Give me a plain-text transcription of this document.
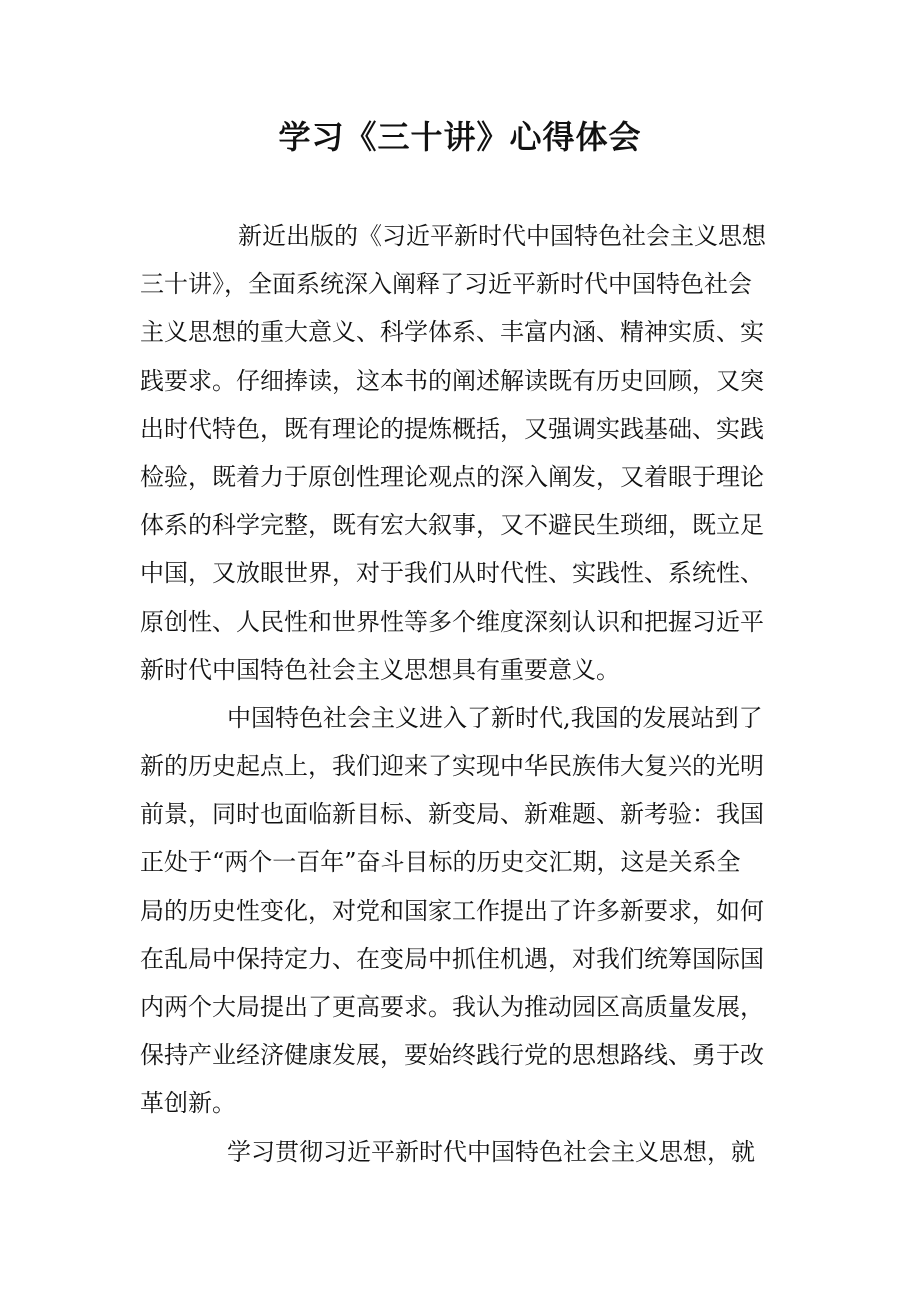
学习《三十讲》心得体会
新近出版的《习近平新时代中国特色社会主义思想
三十讲》，全面系统深入阐释了习近平新时代中国特色社会
主义思想的重大意义、科学体系、丰富内涵、精神实质、实
践要求。仔细捧读，这本书的阐述解读既有历史回顾，又突
出时代特色，既有理论的提炼概括，又强调实践基础、实践
检验，既着力于原创性理论观点的深入阐发，又着眼于理论
体系的科学完整，既有宏大叙事，又不避民生琐细，既立足
中国，又放眼世界，对于我们从时代性、实践性、系统性、
原创性、人民性和世界性等多个维度深刻认识和把握习近平
新时代中国特色社会主义思想具有重要意义。
中国特色社会主义进入了新时代,我国的发展站到了
新的历史起点上，我们迎来了实现中华民族伟大复兴的光明
前景，同时也面临新目标、新变局、新难题、新考验：我国
正处于“两个一百年”奋斗目标的历史交汇期，这是关系全
局的历史性变化，对党和国家工作提出了许多新要求，如何
在乱局中保持定力、在变局中抓住机遇，对我们统筹国际国
内两个大局提出了更高要求。我认为推动园区高质量发展，
保持产业经济健康发展，要始终践行党的思想路线、勇于改
革创新。
学习贯彻习近平新时代中国特色社会主义思想，就
